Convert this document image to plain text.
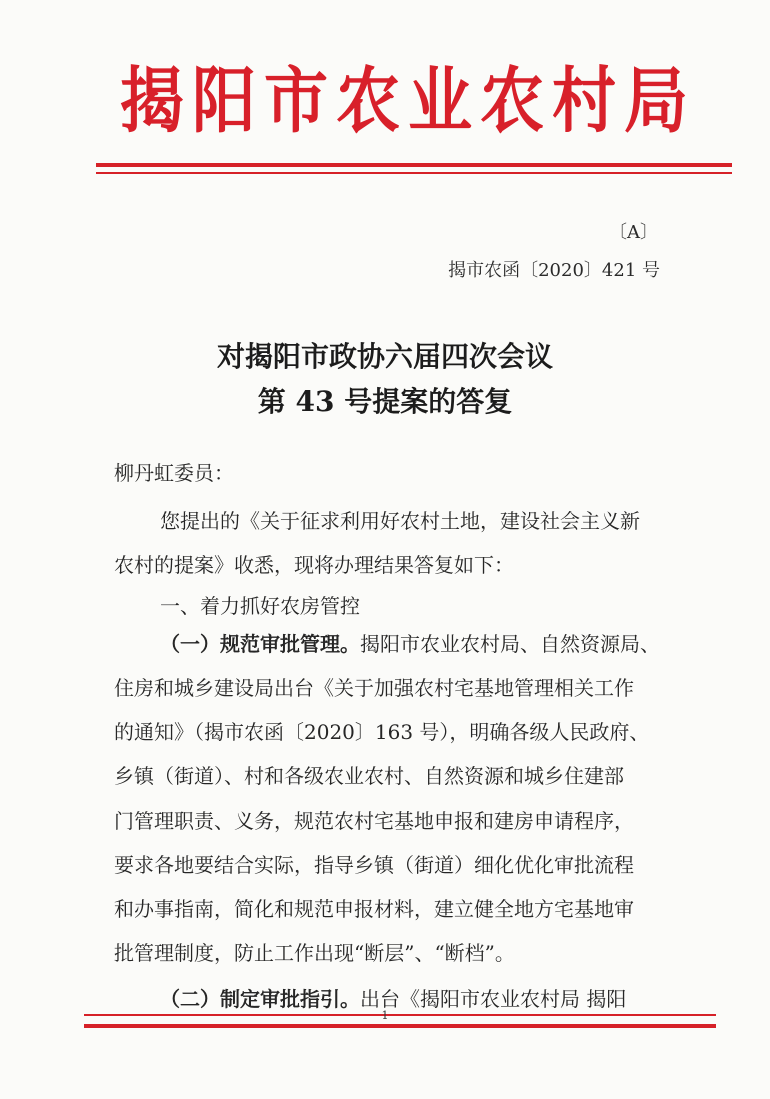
揭阳市农业农村局
〔A〕
揭市农函〔2020〕421 号
对揭阳市政协六届四次会议
第 43 号提案的答复
柳丹虹委员：
您提出的《关于征求利用好农村土地，建设社会主义新
农村的提案》收悉，现将办理结果答复如下：
一、着力抓好农房管控
（一）规范审批管理。揭阳市农业农村局、自然资源局、
住房和城乡建设局出台《关于加强农村宅基地管理相关工作
的通知》（揭市农函〔2020〕163 号），明确各级人民政府、
乡镇（街道）、村和各级农业农村、自然资源和城乡住建部
门管理职责、义务，规范农村宅基地申报和建房申请程序，
要求各地要结合实际，指导乡镇（街道）细化优化审批流程
和办事指南，简化和规范申报材料，建立健全地方宅基地审
批管理制度，防止工作出现“断层”、“断档”。
（二）制定审批指引。出台《揭阳市农业农村局 揭阳
1
